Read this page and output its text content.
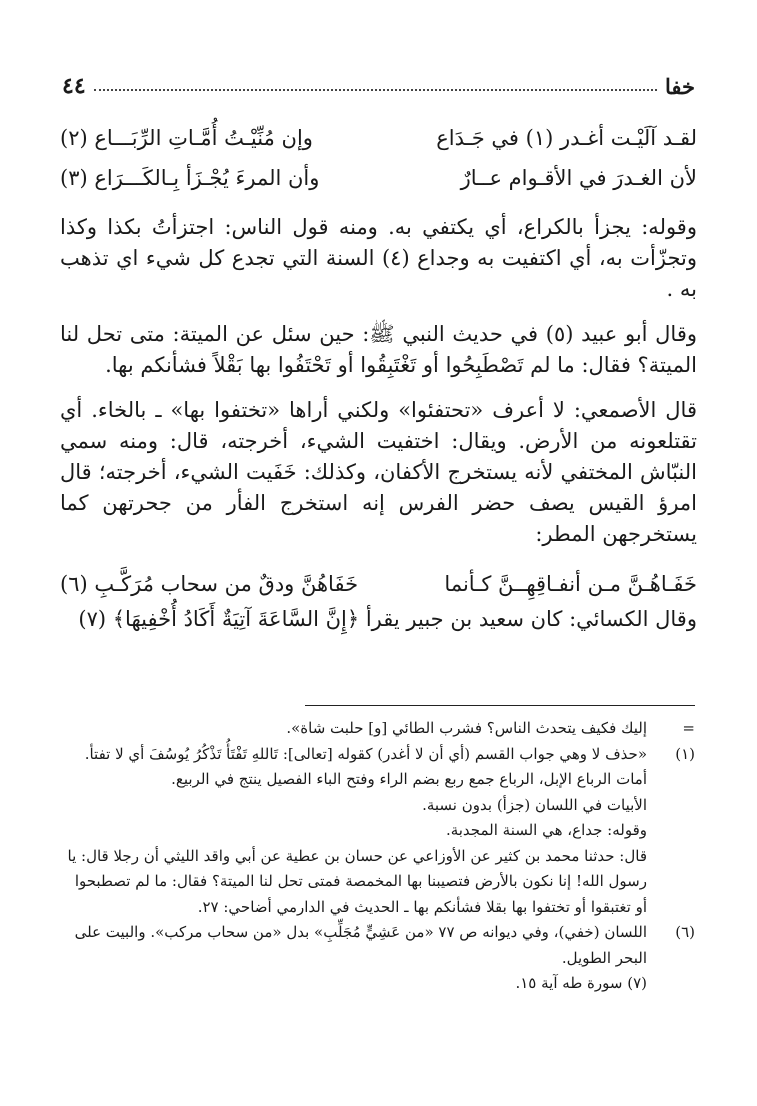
خفا
٤٤
لقـد آلَيْـت أغـدر (١) في جَـدَاع
وإن مُنِّيْـتُ أُمَّـاتِ الرِّبَـــاع (٢)
لأن الغـدرَ في الأقـوام عــارٌ
وأن المرءَ يُجْـزَأ بِـالكَـــرَاع (٣)

وقوله: يجزأ بالكراع، أي يكتفي به. ومنه قول الناس: اجتزأتُ بكذا وكذا وتجزّأت به، أي اكتفيت به وجداع (٤) السنة التي تجدع كل شيء اي تذهب به .

وقال أبو عبيد (٥) في حديث النبي ﷺ: حين سئل عن الميتة: متى تحل لنا الميتة؟ فقال: ما لم تَصْطَبِحُوا أو تَغْتَبِقُوا أو تَحْتَفُوا بها بَقْلاً فشأنكم بها.

قال الأصمعي: لا أعرف «تحتفئوا» ولكني أراها «تختفوا بها» ـ بالخاء. أي تقتلعونه من الأرض. ويقال: اختفيت الشيء، أخرجته، قال: ومنه سمي النبّاش المختفي لأنه يستخرج الأكفان، وكذلك: خَفَيت الشيء، أخرجته؛ قال امرؤ القيس يصف حضر الفرس إنه استخرج الفأر من جحرتهن كما يستخرجهن المطر:

خَفَـاهُـنَّ مـن أنفـاقِهِــنَّ كـأنما
خَفَاهُنَّ ودقٌ من سحاب مُرَكَّـبِ (٦)

وقال الكسائي: كان سعيد بن جبير يقرأ ﴿إِنَّ السَّاعَةَ آتِيَةٌ أَكَادُ أُخْفِيهَا﴾ (٧)

=
إليك فكيف يتحدث الناس؟ فشرب الطائي [و] حلبت شاة».
(١)
«حذف لا وهي جواب القسم (أي أن لا أغدر) كقوله [تعالى]: تَاللهِ تَفْتَأُ تَذْكُرُ يُوسُفَ أي لا تفتأ.
أمات الرباع الإبل، الرباع جمع ربع بضم الراء وفتح الباء الفصيل ينتج في الربيع.
الأبيات في اللسان (جزأ) بدون نسبة.
وقوله: جداع، هي السنة المجدبة.
قال: حدثنا محمد بن كثير عن الأوزاعي عن حسان بن عطية عن أبي واقد الليثي أن رجلا قال: يا رسول الله! إنا نكون بالأرض فتصيبنا بها المخمصة فمتى تحل لنا الميتة؟ فقال: ما لم تصطبحوا أو تغتبقوا أو تختفوا بها بقلا فشأنكم بها ـ الحديث في الدارمي أضاحي: ٢٧.
(٦)
اللسان (خفي)، وفي ديوانه ص ٧٧ «من عَشِيٍّ مُجَلِّبِ» بدل «من سحاب مركب». والبيت على البحر الطويل.
(٧) سورة طه آية ١٥.
